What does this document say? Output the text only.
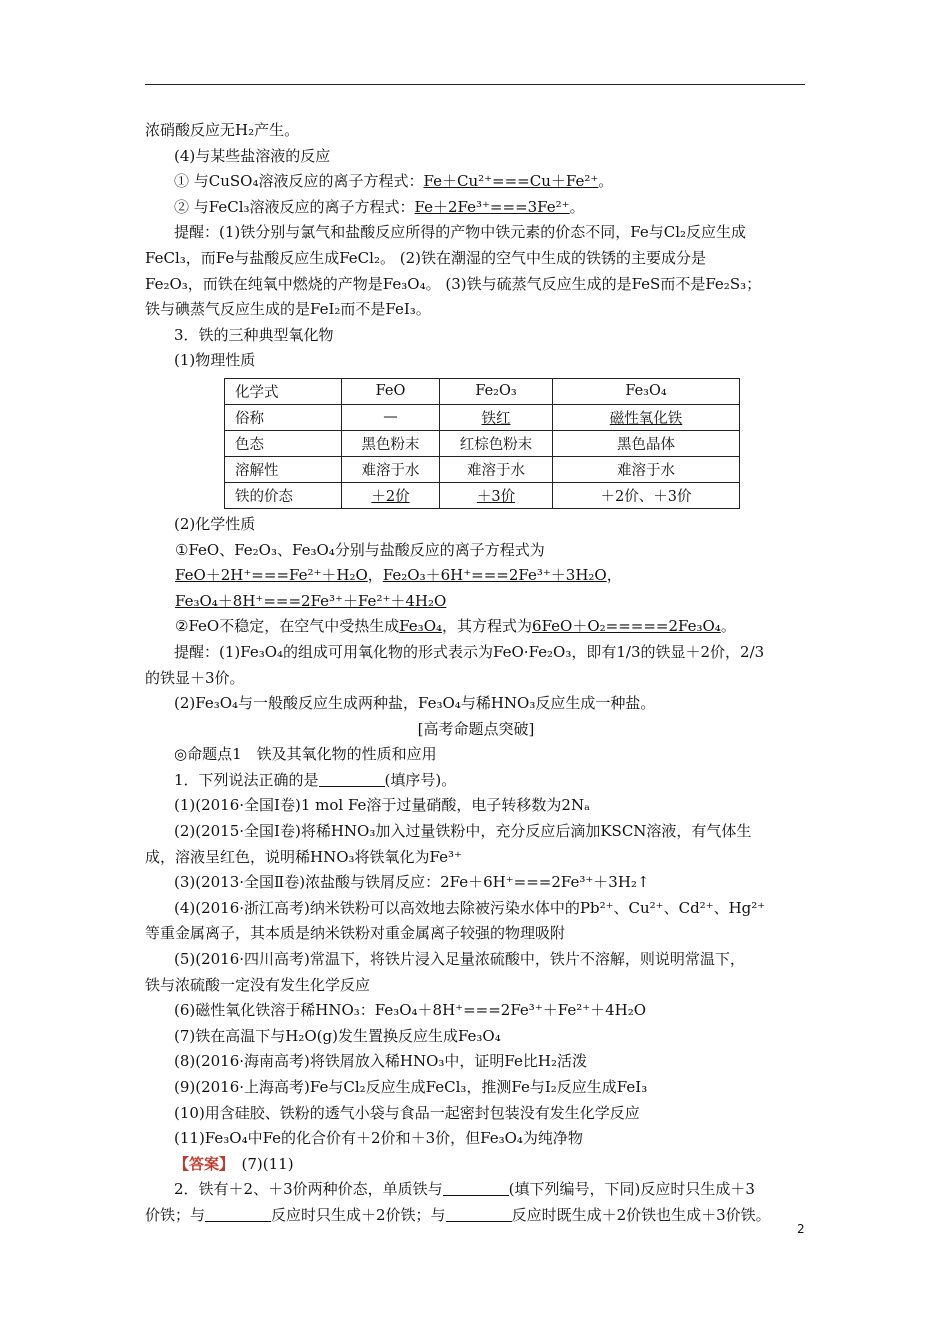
浓硝酸反应无H₂产生。

(4)与某些盐溶液的反应

① 与CuSO₄溶液反应的离子方程式：Fe＋Cu²⁺===Cu＋Fe²⁺。

② 与FeCl₃溶液反应的离子方程式：Fe＋2Fe³⁺===3Fe²⁺。

提醒：(1)铁分别与氯气和盐酸反应所得的产物中铁元素的价态不同，Fe与Cl₂反应生成

FeCl₃，而Fe与盐酸反应生成FeCl₂。 (2)铁在潮湿的空气中生成的铁锈的主要成分是

Fe₂O₃，而铁在纯氧中燃烧的产物是Fe₃O₄。 (3)铁与硫蒸气反应生成的是FeS而不是Fe₂S₃；

铁与碘蒸气反应生成的是FeI₂而不是FeI₃。

3．铁的三种典型氧化物

(1)物理性质

化学式	FeO	Fe₂O₃	Fe₃O₄
俗称	—	铁红	磁性氧化铁
色态	黑色粉末	红棕色粉末	黑色晶体
溶解性	难溶于水	难溶于水	难溶于水
铁的价态	＋2价	＋3价	＋2价、＋3价

(2)化学性质

①FeO、Fe₂O₃、Fe₃O₄分别与盐酸反应的离子方程式为

FeO＋2H⁺===Fe²⁺＋H₂O，Fe₂O₃＋6H⁺===2Fe³⁺＋3H₂O，

Fe₃O₄＋8H⁺===2Fe³⁺＋Fe²⁺＋4H₂O

②FeO不稳定，在空气中受热生成Fe₃O₄，其方程式为6FeO＋O₂=====2Fe₃O₄。

提醒：(1)Fe₃O₄的组成可用氧化物的形式表示为FeO·Fe₂O₃，即有1/3的铁显＋2价，2/3

的铁显＋3价。

(2)Fe₃O₄与一般酸反应生成两种盐，Fe₃O₄与稀HNO₃反应生成一种盐。

[高考命题点突破]

◎命题点1　铁及其氧化物的性质和应用

1．下列说法正确的是	(填序号)。

(1)(2016·全国Ⅰ卷)1 mol Fe溶于过量硝酸，电子转移数为2Nₐ

(2)(2015·全国Ⅰ卷)将稀HNO₃加入过量铁粉中，充分反应后滴加KSCN溶液，有气体生

成，溶液呈红色，说明稀HNO₃将铁氧化为Fe³⁺

(3)(2013·全国Ⅱ卷)浓盐酸与铁屑反应：2Fe＋6H⁺===2Fe³⁺＋3H₂↑

(4)(2016·浙江高考)纳米铁粉可以高效地去除被污染水体中的Pb²⁺、Cu²⁺、Cd²⁺、Hg²⁺

等重金属离子，其本质是纳米铁粉对重金属离子较强的物理吸附

(5)(2016·四川高考)常温下，将铁片浸入足量浓硫酸中，铁片不溶解，则说明常温下，

铁与浓硫酸一定没有发生化学反应

(6)磁性氧化铁溶于稀HNO₃：Fe₃O₄＋8H⁺===2Fe³⁺＋Fe²⁺＋4H₂O

(7)铁在高温下与H₂O(g)发生置换反应生成Fe₃O₄

(8)(2016·海南高考)将铁屑放入稀HNO₃中，证明Fe比H₂活泼

(9)(2016·上海高考)Fe与Cl₂反应生成FeCl₃，推测Fe与I₂反应生成FeI₃

(10)用含硅胶、铁粉的透气小袋与食品一起密封包装没有发生化学反应

(11)Fe₃O₄中Fe的化合价有＋2价和＋3价，但Fe₃O₄为纯净物

【答案】　 (7)(11)

2．铁有＋2、＋3价两种价态，单质铁与	(填下列编号，下同)反应时只生成＋3

价铁；与	反应时只生成＋2价铁；与	反应时既生成＋2价铁也生成＋3价铁。

2
